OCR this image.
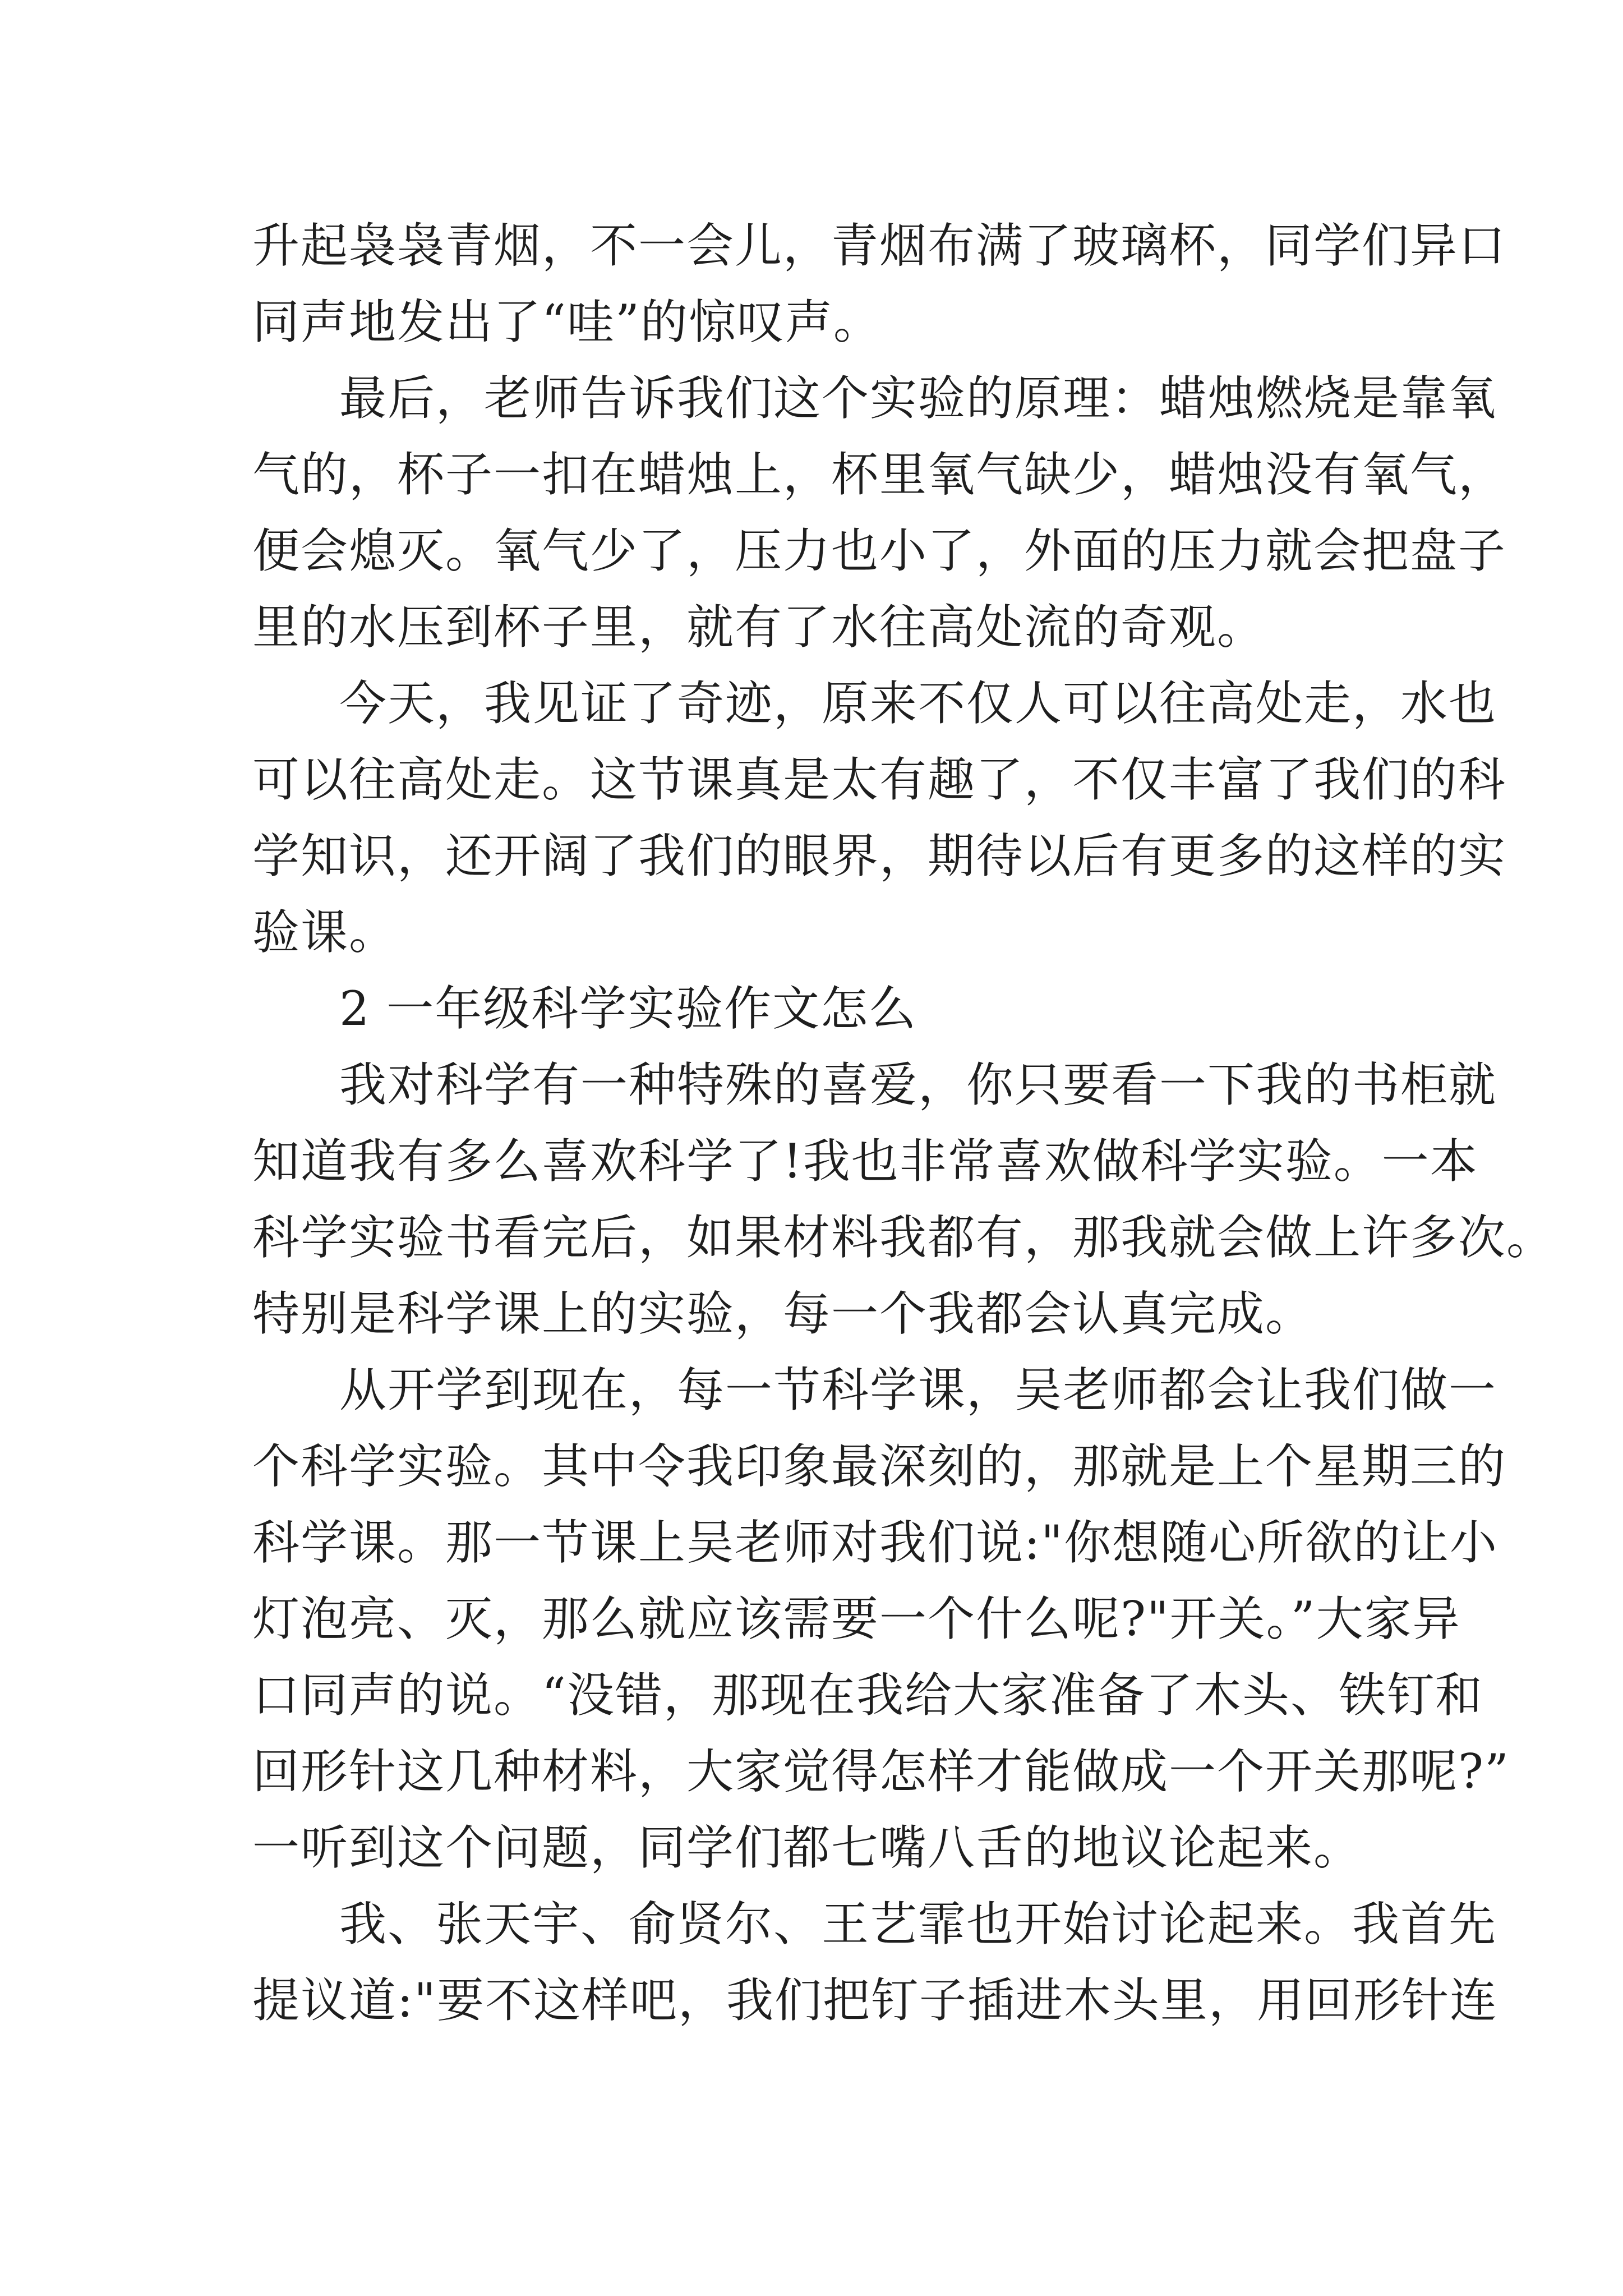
升起袅袅青烟，不一会儿，青烟布满了玻璃杯，同学们异口
同声地发出了“哇”的惊叹声。
最后，老师告诉我们这个实验的原理：蜡烛燃烧是靠氧
气的，杯子一扣在蜡烛上，杯里氧气缺少，蜡烛没有氧气，
便会熄灭。氧气少了，压力也小了，外面的压力就会把盘子
里的水压到杯子里，就有了水往高处流的奇观。
今天，我见证了奇迹，原来不仅人可以往高处走，水也
可以往高处走。这节课真是太有趣了，不仅丰富了我们的科
学知识，还开阔了我们的眼界，期待以后有更多的这样的实
验课。
2 一年级科学实验作文怎么
我对科学有一种特殊的喜爱，你只要看一下我的书柜就
知道我有多么喜欢科学了!我也非常喜欢做科学实验。一本
科学实验书看完后，如果材料我都有，那我就会做上许多次。
特别是科学课上的实验，每一个我都会认真完成。
从开学到现在，每一节科学课，吴老师都会让我们做一
个科学实验。其中令我印象最深刻的，那就是上个星期三的
科学课。那一节课上吴老师对我们说:"你想随心所欲的让小
灯泡亮、灭，那么就应该需要一个什么呢?"开关。”大家异
口同声的说。“没错，那现在我给大家准备了木头、铁钉和
回形针这几种材料，大家觉得怎样才能做成一个开关那呢?”
一听到这个问题，同学们都七嘴八舌的地议论起来。
我、张天宇、俞贤尔、王艺霏也开始讨论起来。我首先
提议道:"要不这样吧，我们把钉子插进木头里，用回形针连
